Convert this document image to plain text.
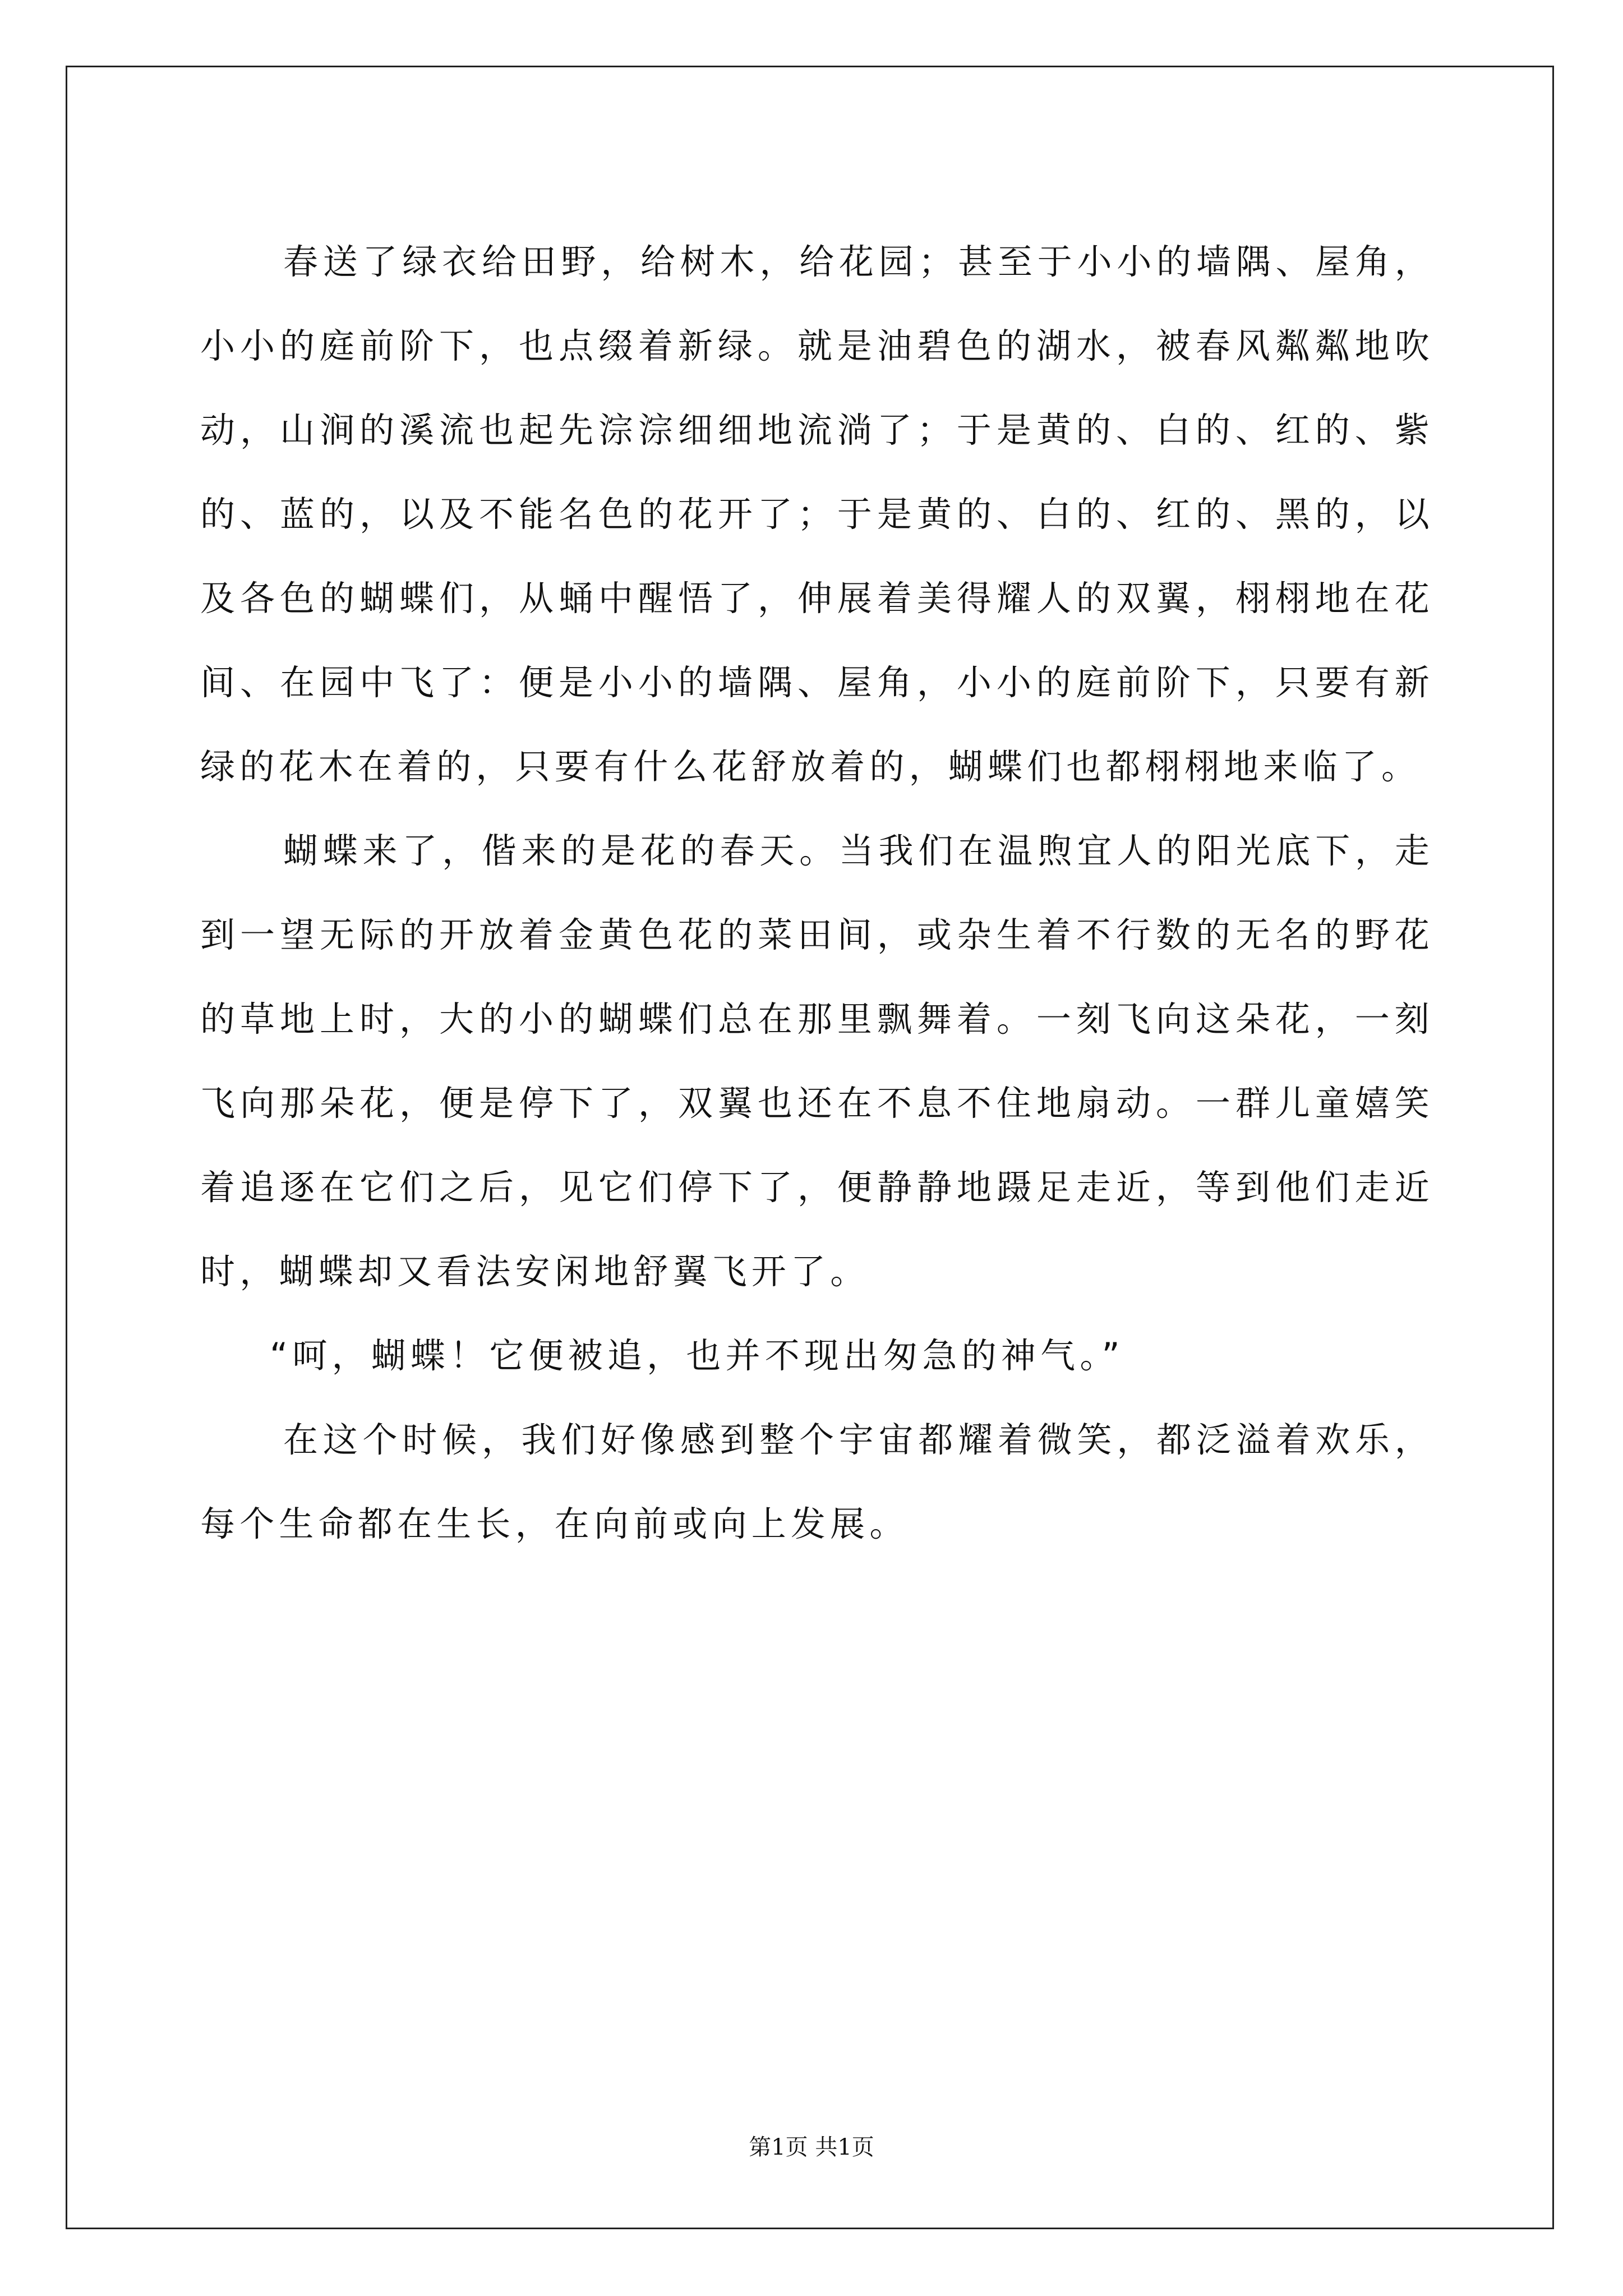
春送了绿衣给田野，给树木，给花园；甚至于小小的墙隅、屋角，小小的庭前阶下，也点缀着新绿。就是油碧色的湖水，被春风粼粼地吹动，山涧的溪流也起先淙淙细细地流淌了；于是黄的、白的、红的、紫的、蓝的，以及不能名色的花开了；于是黄的、白的、红的、黑的，以及各色的蝴蝶们，从蛹中醒悟了，伸展着美得耀人的双翼，栩栩地在花间、在园中飞了：便是小小的墙隅、屋角，小小的庭前阶下，只要有新绿的花木在着的，只要有什么花舒放着的，蝴蝶们也都栩栩地来临了。

蝴蝶来了，偕来的是花的春天。当我们在温煦宜人的阳光底下，走到一望无际的开放着金黄色花的菜田间，或杂生着不行数的无名的野花的草地上时，大的小的蝴蝶们总在那里飘舞着。一刻飞向这朵花，一刻飞向那朵花，便是停下了，双翼也还在不息不住地扇动。一群儿童嬉笑着追逐在它们之后，见它们停下了，便静静地蹑足走近，等到他们走近时，蝴蝶却又看法安闲地舒翼飞开了。

“呵，蝴蝶！它便被追，也并不现出匆急的神气。”

在这个时候，我们好像感到整个宇宙都耀着微笑，都泛溢着欢乐，每个生命都在生长，在向前或向上发展。

第1页 共1页
